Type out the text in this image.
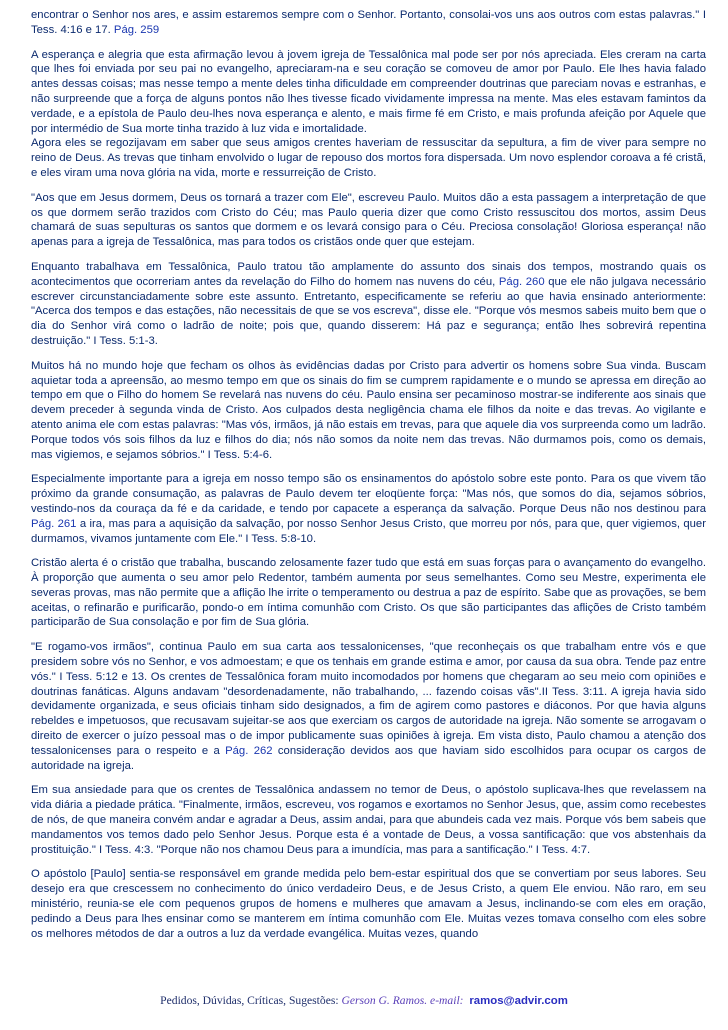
encontrar o Senhor nos ares, e assim estaremos sempre com o Senhor. Portanto, consolai-vos uns aos outros com estas palavras." I Tess. 4:16 e 17. Pág. 259

A esperança e alegria que esta afirmação levou à jovem igreja de Tessalônica mal pode ser por nós apreciada. Eles creram na carta que lhes foi enviada por seu pai no evangelho, apreciaram-na e seu coração se comoveu de amor por Paulo. Ele lhes havia falado antes dessas coisas; mas nesse tempo a mente deles tinha dificuldade em compreender doutrinas que pareciam novas e estranhas, e não surpreende que a força de alguns pontos não lhes tivesse ficado vividamente impressa na mente. Mas eles estavam famintos da verdade, e a epístola de Paulo deu-lhes nova esperança e alento, e mais firme fé em Cristo, e mais profunda afeição por Aquele que por intermédio de Sua morte tinha trazido à luz vida e imortalidade.

Agora eles se regozijavam em saber que seus amigos crentes haveriam de ressuscitar da sepultura, a fim de viver para sempre no reino de Deus. As trevas que tinham envolvido o lugar de repouso dos mortos fora dispersada. Um novo esplendor coroava a fé cristã, e eles viram uma nova glória na vida, morte e ressurreição de Cristo.

"Aos que em Jesus dormem, Deus os tornará a trazer com Ele", escreveu Paulo. Muitos dão a esta passagem a interpretação de que os que dormem serão trazidos com Cristo do Céu; mas Paulo queria dizer que como Cristo ressuscitou dos mortos, assim Deus chamará de suas sepulturas os santos que dormem e os levará consigo para o Céu. Preciosa consolação! Gloriosa esperança! não apenas para a igreja de Tessalônica, mas para todos os cristãos onde quer que estejam.

Enquanto trabalhava em Tessalônica, Paulo tratou tão amplamente do assunto dos sinais dos tempos, mostrando quais os acontecimentos que ocorreriam antes da revelação do Filho do homem nas nuvens do céu, Pág. 260 que ele não julgava necessário escrever circunstanciadamente sobre este assunto. Entretanto, especificamente se referiu ao que havia ensinado anteriormente: "Acerca dos tempos e das estações, não necessitais de que se vos escreva", disse ele. "Porque vós mesmos sabeis muito bem que o dia do Senhor virá como o ladrão de noite; pois que, quando disserem: Há paz e segurança; então lhes sobrevirá repentina destruição." I Tess. 5:1-3.

Muitos há no mundo hoje que fecham os olhos às evidências dadas por Cristo para advertir os homens sobre Sua vinda. Buscam aquietar toda a apreensão, ao mesmo tempo em que os sinais do fim se cumprem rapidamente e o mundo se apressa em direção ao tempo em que o Filho do homem Se revelará nas nuvens do céu. Paulo ensina ser pecaminoso mostrar-se indiferente aos sinais que devem preceder à segunda vinda de Cristo. Aos culpados desta negligência chama ele filhos da noite e das trevas. Ao vigilante e atento anima ele com estas palavras: "Mas vós, irmãos, já não estais em trevas, para que aquele dia vos surpreenda como um ladrão. Porque todos vós sois filhos da luz e filhos do dia; nós não somos da noite nem das trevas. Não durmamos pois, como os demais, mas vigiemos, e sejamos sóbrios." I Tess. 5:4-6.

Especialmente importante para a igreja em nosso tempo são os ensinamentos do apóstolo sobre este ponto. Para os que vivem tão próximo da grande consumação, as palavras de Paulo devem ter eloqüente força: "Mas nós, que somos do dia, sejamos sóbrios, vestindo-nos da couraça da fé e da caridade, e tendo por capacete a esperança da salvação. Porque Deus não nos destinou para Pág. 261 a ira, mas para a aquisição da salvação, por nosso Senhor Jesus Cristo, que morreu por nós, para que, quer vigiemos, quer durmamos, vivamos juntamente com Ele." I Tess. 5:8-10.

Cristão alerta é o cristão que trabalha, buscando zelosamente fazer tudo que está em suas forças para o avançamento do evangelho. À proporção que aumenta o seu amor pelo Redentor, também aumenta por seus semelhantes. Como seu Mestre, experimenta ele severas provas, mas não permite que a aflição lhe irrite o temperamento ou destrua a paz de espírito. Sabe que as provações, se bem aceitas, o refinarão e purificarão, pondo-o em íntima comunhão com Cristo. Os que são participantes das aflições de Cristo também participarão de Sua consolação e por fim de Sua glória.

"E rogamo-vos irmãos", continua Paulo em sua carta aos tessalonicenses, "que reconheçais os que trabalham entre vós e que presidem sobre vós no Senhor, e vos admoestam; e que os tenhais em grande estima e amor, por causa da sua obra. Tende paz entre vós." I Tess. 5:12 e 13. Os crentes de Tessalônica foram muito incomodados por homens que chegaram ao seu meio com opiniões e doutrinas fanáticas. Alguns andavam "desordenadamente, não trabalhando, ... fazendo coisas vãs".II Tess. 3:11. A igreja havia sido devidamente organizada, e seus oficiais tinham sido designados, a fim de agirem como pastores e diáconos. Por que havia alguns rebeldes e impetuosos, que recusavam sujeitar-se aos que exerciam os cargos de autoridade na igreja. Não somente se arrogavam o direito de exercer o juízo pessoal mas o de impor publicamente suas opiniões à igreja. Em vista disto, Paulo chamou a atenção dos tessalonicenses para o respeito e a Pág. 262 consideração devidos aos que haviam sido escolhidos para ocupar os cargos de autoridade na igreja.

Em sua ansiedade para que os crentes de Tessalônica andassem no temor de Deus, o apóstolo suplicava-lhes que revelassem na vida diária a piedade prática. "Finalmente, irmãos, escreveu, vos rogamos e exortamos no Senhor Jesus, que, assim como recebestes de nós, de que maneira convém andar e agradar a Deus, assim andai, para que abundeis cada vez mais. Porque vós bem sabeis que mandamentos vos temos dado pelo Senhor Jesus. Porque esta é a vontade de Deus, a vossa santificação: que vos abstenhais da prostituição." I Tess. 4:3. "Porque não nos chamou Deus para a imundícia, mas para a santificação." I Tess. 4:7.

O apóstolo [Paulo] sentia-se responsável em grande medida pelo bem-estar espiritual dos que se convertiam por seus labores. Seu desejo era que crescessem no conhecimento do único verdadeiro Deus, e de Jesus Cristo, a quem Ele enviou. Não raro, em seu ministério, reunia-se ele com pequenos grupos de homens e mulheres que amavam a Jesus, inclinando-se com eles em oração, pedindo a Deus para lhes ensinar como se manterem em íntima comunhão com Ele. Muitas vezes tomava conselho com eles sobre os melhores métodos de dar a outros a luz da verdade evangélica. Muitas vezes, quando

Pedidos, Dúvidas, Críticas, Sugestões: Gerson G. Ramos. e-mail: ramos@advir.com
